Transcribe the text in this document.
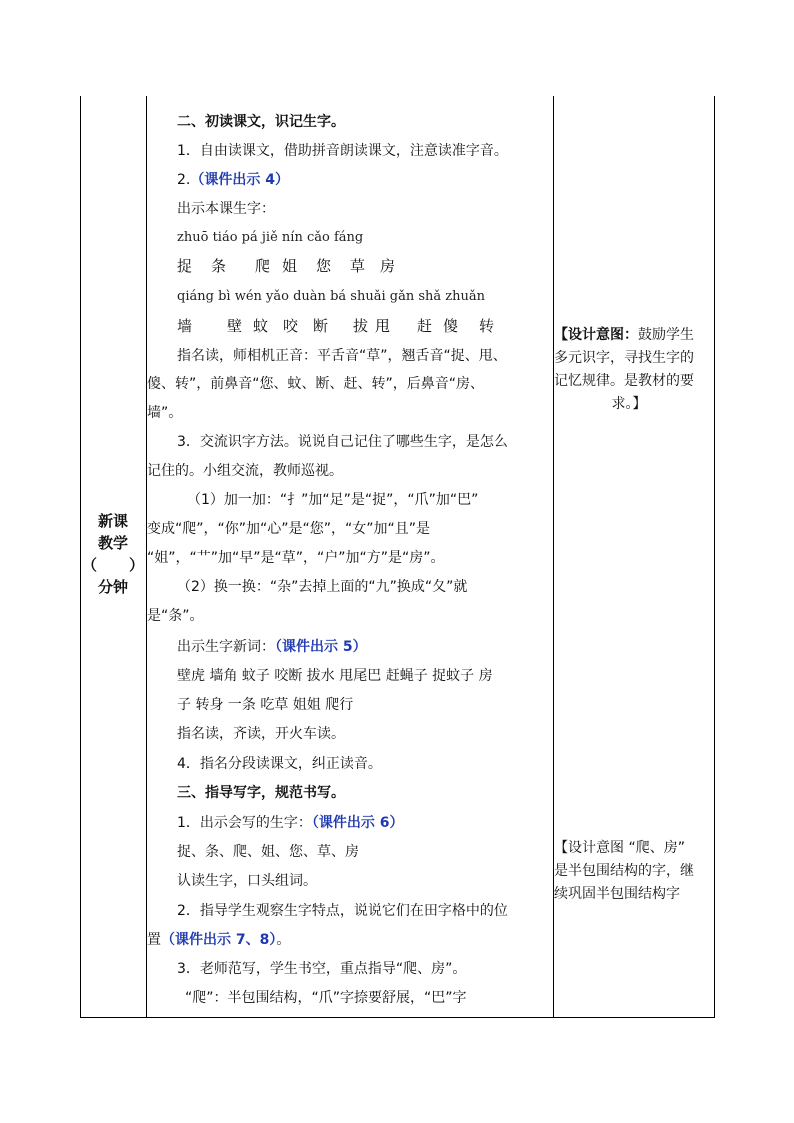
新课
教学
（ ）
分钟
二、初读课文，识记生字。
1．自由读课文，借助拼音朗读课文，注意读准字音。
2.（课件出示 4）
出示本课生字：
zhuō tiáo pá jiě nín cǎo fáng
捉 条 爬 姐 您 草 房
qiáng bì wén yǎo duàn bá shuǎi gǎn shǎ zhuǎn
墙 壁 蚊 咬 断 拔 甩 赶 傻 转
指名读，师相机正音：平舌音“草”，翘舌音“捉、甩、
傻、转”，前鼻音“您、蚊、断、赶、转”，后鼻音“房、
墙”。
3．交流识字方法。说说自己记住了哪些生字，是怎么
记住的。小组交流，教师巡视。
（1）加一加：“扌”加“足”是“捉”，“爪”加“巴”
变成“爬”，“你”加“心”是“您”，“女”加“且”是
“姐”，“艹”加“早”是“草”，“户”加“方”是“房”。
（2）换一换：“杂”去掉上面的“九”换成“夂”就
是“条”。
出示生字新词：（课件出示 5）
壁虎 墙角 蚊子 咬断 拔水 甩尾巴 赶蝇子 捉蚊子 房
子 转身 一条 吃草 姐姐 爬行
指名读，齐读，开火车读。
4．指名分段读课文，纠正读音。
三、指导写字，规范书写。
1．出示会写的生字：（课件出示 6）
捉、条、爬、姐、您、草、房
认读生字，口头组词。
2．指导学生观察生字特点，说说它们在田字格中的位
置（课件出示 7、8）。
3．老师范写，学生书空，重点指导“爬、房”。
“爬”：半包围结构，“爪”字捺要舒展，“巴”字
【设计意图：鼓励学生
多元识字，寻找生字的
记忆规律。是教材的要
求。】
【设计意图 “爬、房”
是半包围结构的字，继
续巩固半包围结构字
